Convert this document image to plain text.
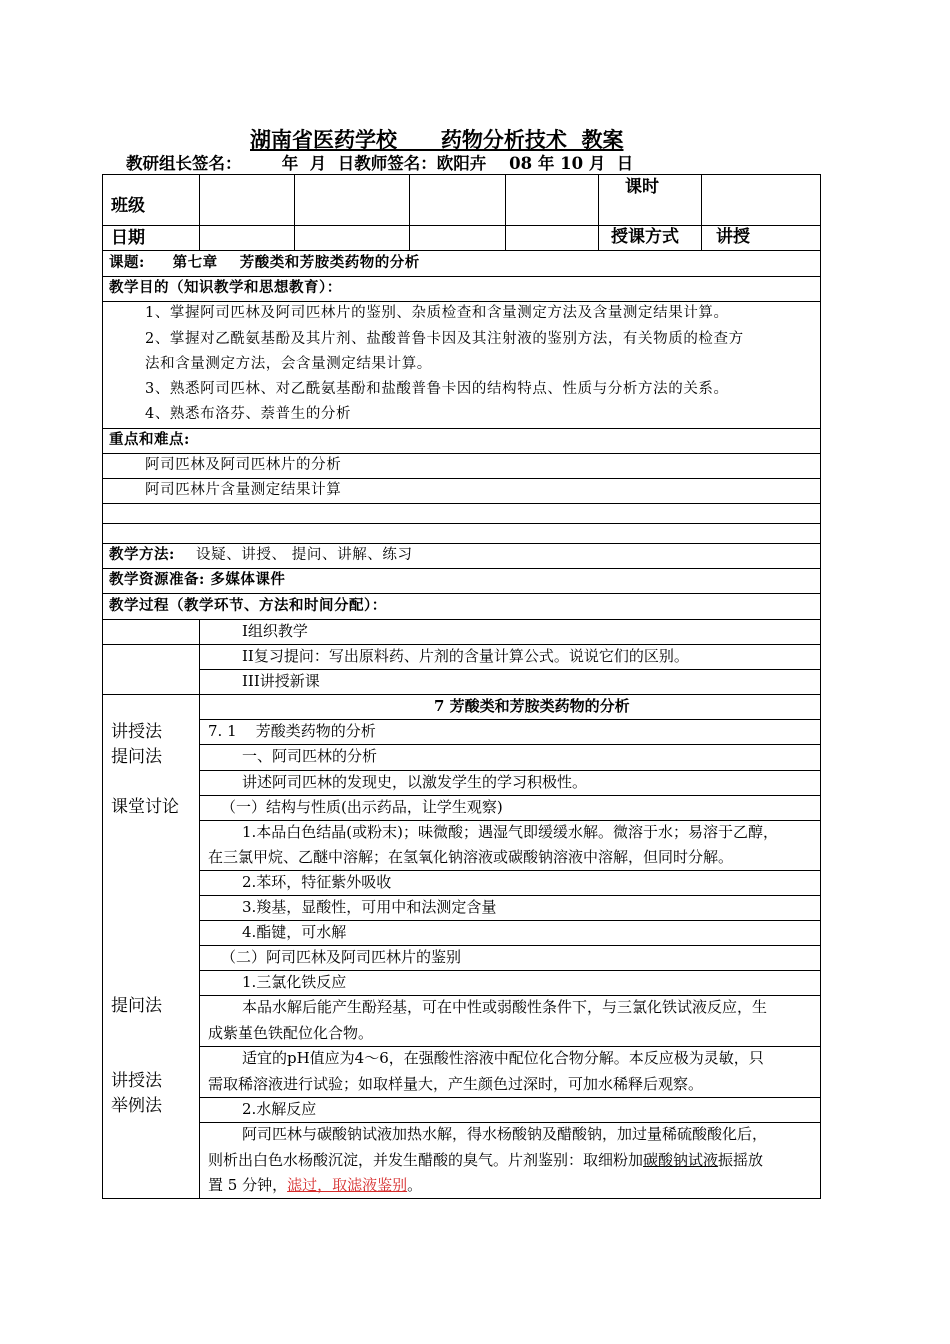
湖南省医药学校      药物分析技术  教案
教研组长签名：       年  月  日教师签名：欧阳卉    08 年 10 月  日
班级
课时
日期	授课方式 讲授
课题:     第七章    芳酸类和芳胺类药物的分析
教学目的（知识教学和思想教育）：
1、掌握阿司匹林及阿司匹林片的鉴别、杂质检查和含量测定方法及含量测定结果计算。
2、掌握对乙酰氨基酚及其片剂、盐酸普鲁卡因及其注射液的鉴别方法，有关物质的检查方
法和含量测定方法，会含量测定结果计算。
3、熟悉阿司匹林、对乙酰氨基酚和盐酸普鲁卡因的结构特点、性质与分析方法的关系。
4、熟悉布洛芬、萘普生的分析
重点和难点:
阿司匹林及阿司匹林片的分析
阿司匹林片含量测定结果计算
教学方法: 设疑、讲授、 提问、讲解、练习
教学资源准备: 多媒体课件
教学过程（教学环节、方法和时间分配）：
I组织教学
II复习提问：写出原料药、片剂的含量计算公式。说说它们的区别。
III讲授新课
讲授法
提问法
课堂讨论
提问法
讲授法
举例法
7 芳酸类和芳胺类药物的分析
7. 1    芳酸类药物的分析
一、阿司匹林的分析
讲述阿司匹林的发现史，以激发学生的学习积极性。
（一）结构与性质(出示药品，让学生观察)
1.本品白色结晶(或粉末)；味微酸；遇湿气即缓缓水解。微溶于水；易溶于乙醇，
在三氯甲烷、乙醚中溶解；在氢氧化钠溶液或碳酸钠溶液中溶解，但同时分解。
2.苯环，特征紫外吸收
3.羧基，显酸性，可用中和法测定含量
4.酯键，可水解
（二）阿司匹林及阿司匹林片的鉴别
1.三氯化铁反应
本品水解后能产生酚羟基，可在中性或弱酸性条件下，与三氯化铁试液反应，生
成紫堇色铁配位化合物。
适宜的pH值应为4～6，在强酸性溶液中配位化合物分解。本反应极为灵敏，只
需取稀溶液进行试验；如取样量大，产生颜色过深时，可加水稀释后观察。
2.水解反应
阿司匹林与碳酸钠试液加热水解，得水杨酸钠及醋酸钠，加过量稀硫酸酸化后，
则析出白色水杨酸沉淀，并发生醋酸的臭气。片剂鉴别：取细粉加碳酸钠试液振摇放
置 5 分钟，滤过，取滤液鉴别。
